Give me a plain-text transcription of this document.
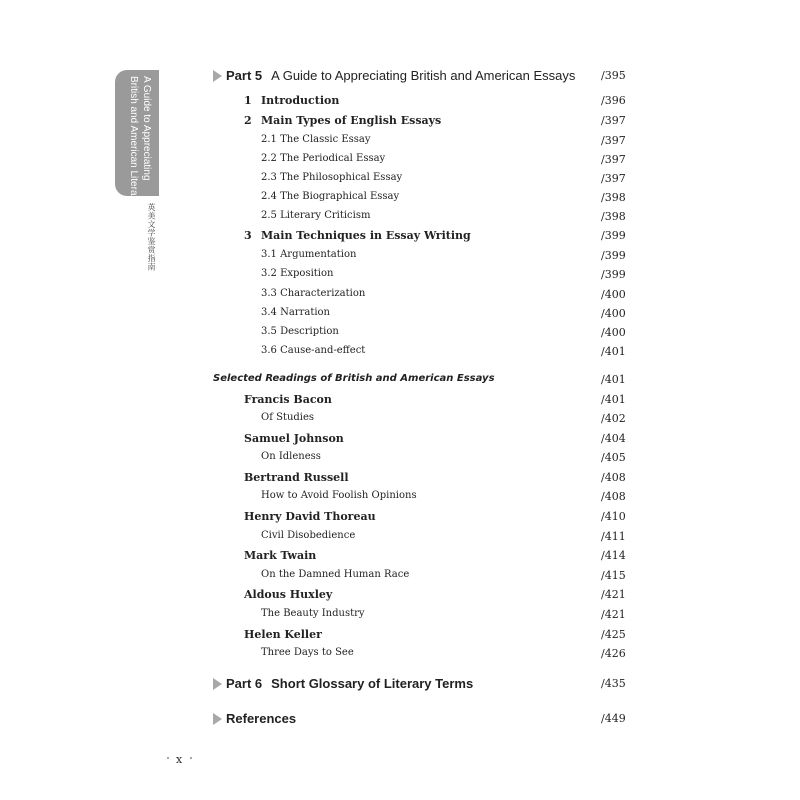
A Guide to Appreciating
British and American Literature
英美文学鉴赏指南
Part 5 A Guide to Appreciating British and American Essays /395
1 Introduction	/396
2 Main Types of English Essays	/397
2.1 The Classic Essay	/397
2.2 The Periodical Essay	/397
2.3 The Philosophical Essay	/397
2.4 The Biographical Essay	/398
2.5 Literary Criticism	/398
3 Main Techniques in Essay Writing	/399
3.1 Argumentation	/399
3.2 Exposition	/399
3.3 Characterization	/400
3.4 Narration	/400
3.5 Description	/400
3.6 Cause-and-effect	/401
Selected Readings of British and American Essays	/401
Francis Bacon	/401
Of Studies	/402
Samuel Johnson	/404
On Idleness	/405
Bertrand Russell	/408
How to Avoid Foolish Opinions	/408
Henry David Thoreau	/410
Civil Disobedience	/411
Mark Twain	/414
On the Damned Human Race	/415
Aldous Huxley	/421
The Beauty Industry	/421
Helen Keller	/425
Three Days to See	/426
Part 6 Short Glossary of Literary Terms	/435
References	/449
x
